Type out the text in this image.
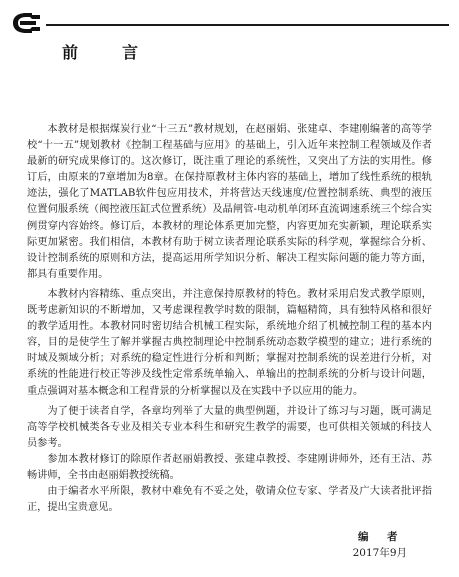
前　言

本教材是根据煤炭行业“十三五”教材规划，在赵丽娟、张建卓、李建刚编著的高等学校“十一五”规划教材《控制工程基础与应用》的基础上，引入近年来控制工程领域及作者最新的研究成果修订的。这次修订，既注重了理论的系统性，又突出了方法的实用性。修订后，由原来的7章增加为8章。在保持原教材主体内容的基础上，增加了线性系统的根轨迹法，强化了MATLAB软件包应用技术，并将营达天线速度/位置控制系统、典型的液压位置伺服系统（阀控液压缸式位置系统）及晶闸管-电动机单闭环直流调速系统三个综合实例贯穿内容始终。修订后，本教材的理论体系更加完整，内容更加充实新颖，理论联系实际更加紧密。我们相信，本教材有助于树立读者理论联系实际的科学观，掌握综合分析、设计控制系统的原则和方法，提高运用所学知识分析、解决工程实际问题的能力等方面，都具有重要作用。

本教材内容精练、重点突出，并注意保持原教材的特色。教材采用启发式教学原则，既考虑新知识的不断增加，又考虑课程教学时数的限制，篇幅精简，具有独特风格和很好的教学适用性。本教材同时密切结合机械工程实际，系统地介绍了机械控制工程的基本内容，目的是使学生了解并掌握古典控制理论中控制系统动态数学模型的建立；进行系统的时域及频域分析；对系统的稳定性进行分析和判断；掌握对控制系统的误差进行分析，对系统的性能进行校正等涉及线性定常系统单输入、单输出的控制系统的分析与设计问题，重点强调对基本概念和工程背景的分析掌握以及在实践中予以应用的能力。

为了便于读者自学，各章均列举了大量的典型例题，并设计了练习与习题，既可满足高等学校机械类各专业及相关专业本科生和研究生教学的需要，也可供相关领域的科技人员参考。

参加本教材修订的除原作者赵丽娟教授、张建卓教授、李建刚讲师外，还有王洁、苏畅讲师，全书由赵丽娟教授统稿。

由于编者水平所限，教材中难免有不妥之处，敬请众位专家、学者及广大读者批评指正，提出宝贵意见。

编　者
2017年9月
